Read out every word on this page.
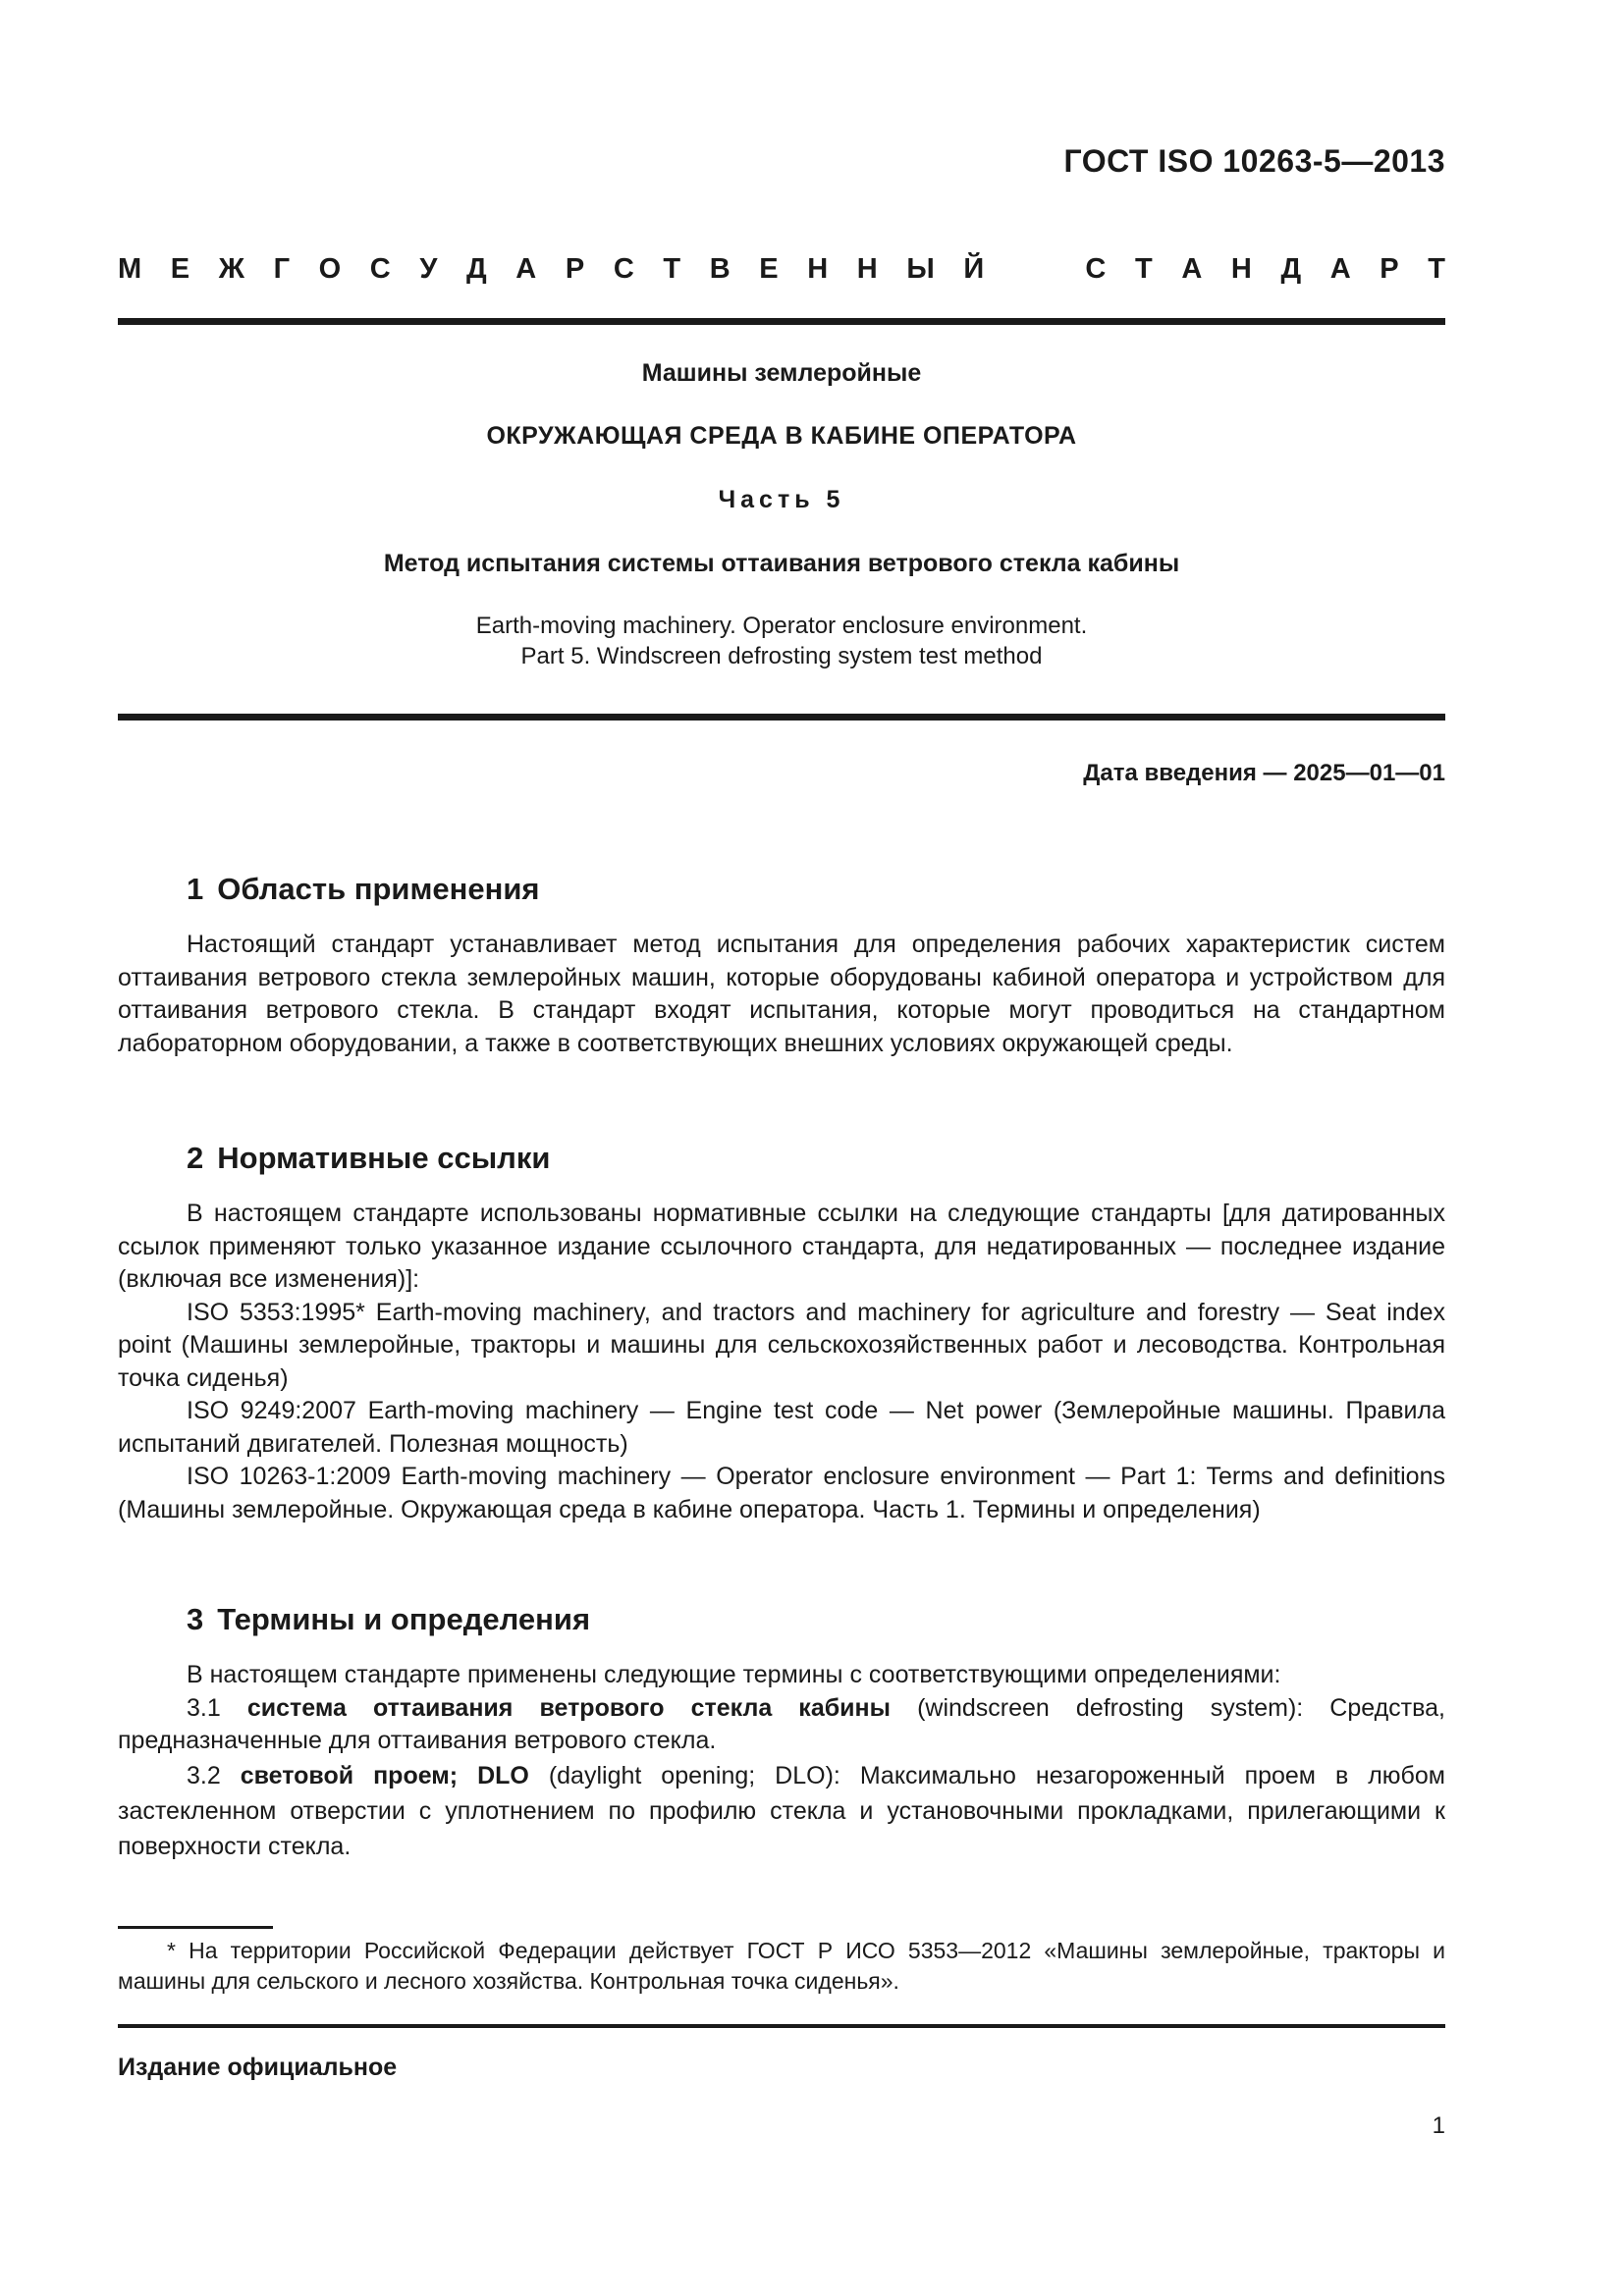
ГОСТ ISO 10263-5—2013
М Е Ж Г О С У Д А Р С Т В Е Н Н Ы Й	С Т А Н Д А Р Т
Машины землеройные
ОКРУЖАЮЩАЯ СРЕДА В КАБИНЕ ОПЕРАТОРА
Часть 5
Метод испытания системы оттаивания ветрового стекла кабины
Earth-moving machinery. Operator enclosure environment.
Part 5. Windscreen defrosting system test method
Дата введения — 2025—01—01
1 Область применения

Настоящий стандарт устанавливает метод испытания для определения рабочих характеристик систем оттаивания ветрового стекла землеройных машин, которые оборудованы кабиной оператора и устройством для оттаивания ветрового стекла. В стандарт входят испытания, которые могут проводиться на стандартном лабораторном оборудовании, а также в соответствующих внешних условиях окружающей среды.

2 Нормативные ссылки

В настоящем стандарте использованы нормативные ссылки на следующие стандарты [для датированных ссылок применяют только указанное издание ссылочного стандарта, для недатированных — последнее издание (включая все изменения)]:

ISO 5353:1995* Earth-moving machinery, and tractors and machinery for agriculture and forestry — Seat index point (Машины землеройные, тракторы и машины для сельскохозяйственных работ и лесоводства. Контрольная точка сиденья)

ISO 9249:2007 Earth-moving machinery — Engine test code — Net power (Землеройные машины. Правила испытаний двигателей. Полезная мощность)

ISO 10263-1:2009 Earth-moving machinery — Operator enclosure environment — Part 1: Terms and definitions (Машины землеройные. Окружающая среда в кабине оператора. Часть 1. Термины и определения)

3 Термины и определения

В настоящем стандарте применены следующие термины с соответствующими определениями:

3.1 система оттаивания ветрового стекла кабины (windscreen defrosting system): Средства, предназначенные для оттаивания ветрового стекла.

3.2 световой проем; DLO (daylight opening; DLO): Максимально незагороженный проем в любом застекленном отверстии с уплотнением по профилю стекла и установочными прокладками, прилегающими к поверхности стекла.

* На территории Российской Федерации действует ГОСТ Р ИСО 5353—2012 «Машины землеройные, тракторы и машины для сельского и лесного хозяйства. Контрольная точка сиденья».

Издание официальное
1
